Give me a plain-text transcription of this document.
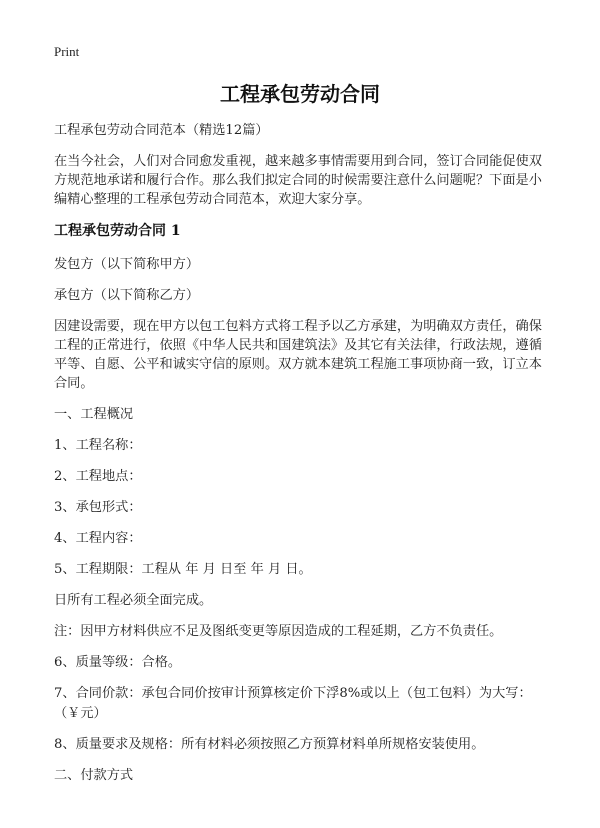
Print
工程承包劳动合同

工程承包劳动合同范本（精选12篇）

在当今社会，人们对合同愈发重视，越来越多事情需要用到合同，签订合同能促使双方规范地承诺和履行合作。那么我们拟定合同的时候需要注意什么问题呢？下面是小编精心整理的工程承包劳动合同范本，欢迎大家分享。

工程承包劳动合同 1

发包方（以下简称甲方）

承包方（以下简称乙方）

因建设需要，现在甲方以包工包料方式将工程予以乙方承建，为明确双方责任，确保工程的正常进行，依照《中华人民共和国建筑法》及其它有关法律，行政法规，遵循平等、自愿、公平和诚实守信的原则。双方就本建筑工程施工事项协商一致，订立本合同。

一、工程概况

1、工程名称：

2、工程地点：

3、承包形式：

4、工程内容：

5、工程期限：工程从 年 月 日至 年 月 日。

日所有工程必须全面完成。

注：因甲方材料供应不足及图纸变更等原因造成的工程延期，乙方不负责任。

6、质量等级：合格。

7、合同价款：承包合同价按审计预算核定价下浮8%或以上（包工包料）为大写：（￥元）

8、质量要求及规格：所有材料必须按照乙方预算材料单所规格安装使用。

二、付款方式
